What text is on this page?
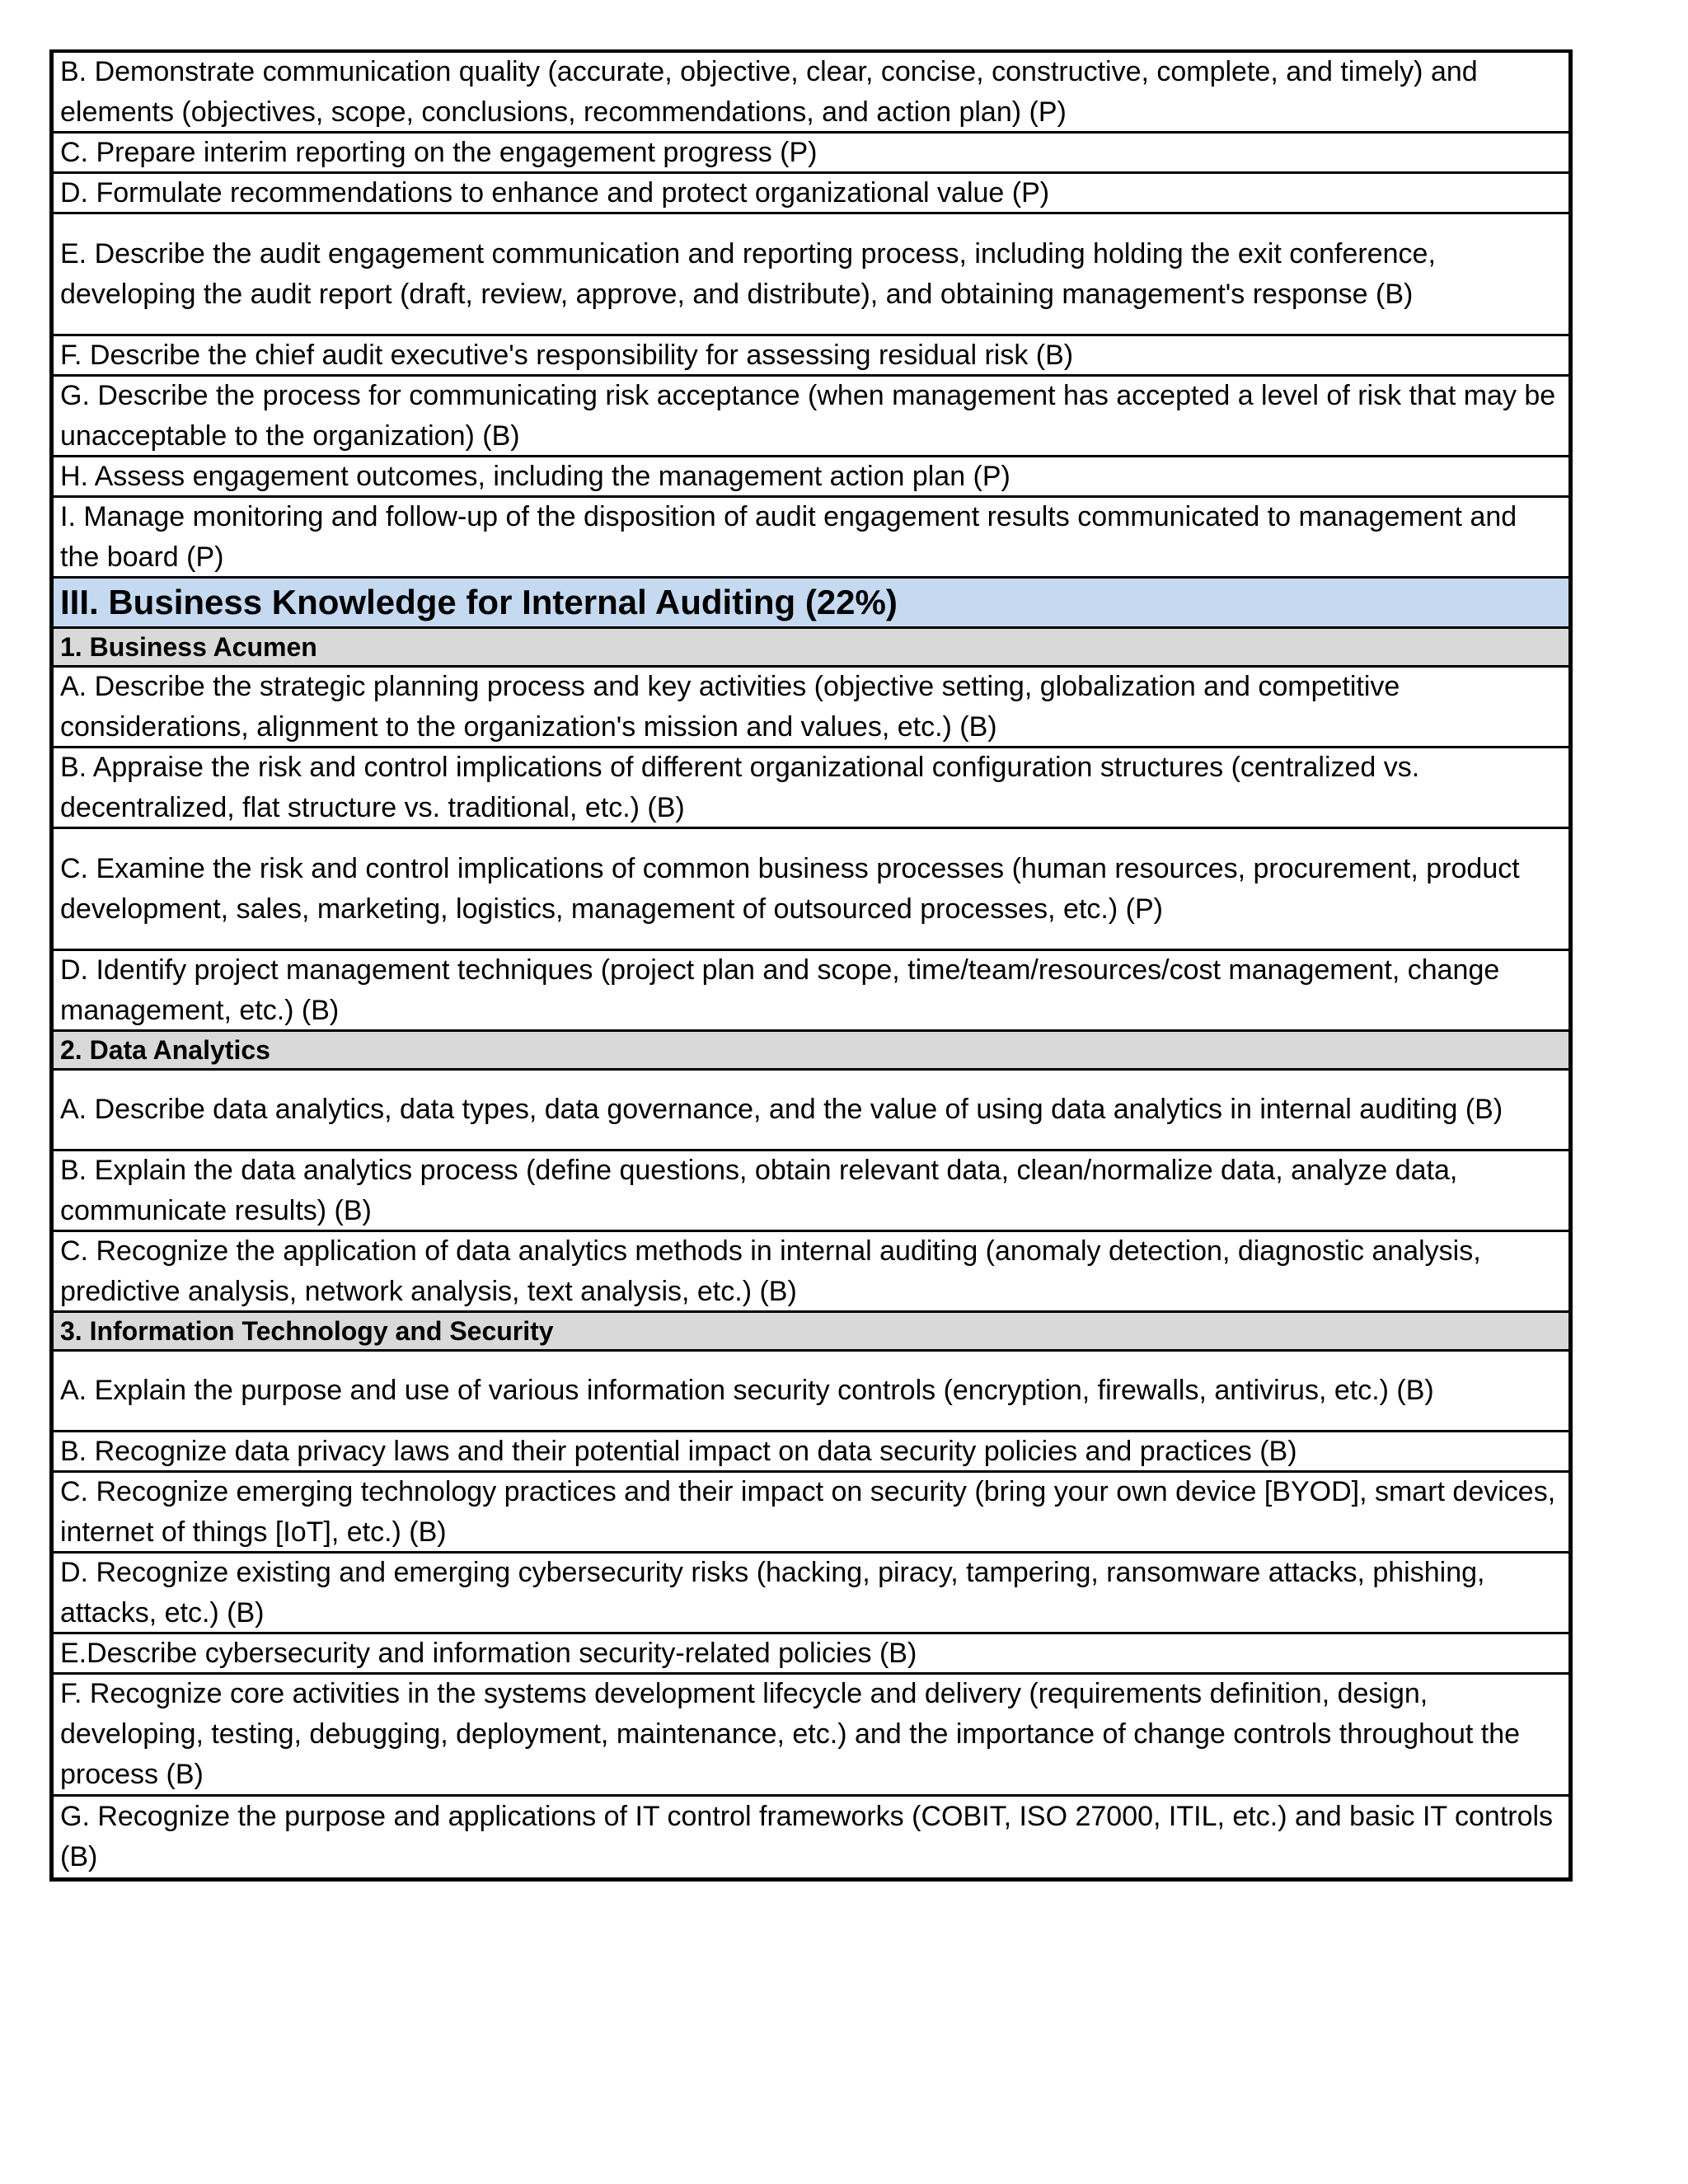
B. Demonstrate communication quality (accurate, objective, clear, concise, constructive, complete, and timely) and elements (objectives, scope, conclusions, recommendations, and action plan) (P)
C. Prepare interim reporting on the engagement progress (P)
D. Formulate recommendations to enhance and protect organizational value (P)
E. Describe the audit engagement communication and reporting process, including holding the exit conference, developing the audit report (draft, review, approve, and distribute), and obtaining management's response (B)
F. Describe the chief audit executive's responsibility for assessing residual risk (B)
G. Describe the process for communicating risk acceptance (when management has accepted a level of risk that may be unacceptable to the organization) (B)
H. Assess engagement outcomes, including the management action plan (P)
I. Manage monitoring and follow-up of the disposition of audit engagement results communicated to management and the board (P)
III. Business Knowledge for Internal Auditing (22%)
1. Business Acumen
A. Describe the strategic planning process and key activities (objective setting, globalization and competitive considerations, alignment to the organization's mission and values, etc.) (B)
B. Appraise the risk and control implications of different organizational configuration structures (centralized vs. decentralized, flat structure vs. traditional, etc.) (B)
C. Examine the risk and control implications of common business processes (human resources, procurement, product development, sales, marketing, logistics, management of outsourced processes, etc.) (P)
D. Identify project management techniques (project plan and scope, time/team/resources/cost management, change management, etc.) (B)
2. Data Analytics
A. Describe data analytics, data types, data governance, and the value of using data analytics in internal auditing (B)
B. Explain the data analytics process (define questions, obtain relevant data, clean/normalize data, analyze data, communicate results) (B)
C. Recognize the application of data analytics methods in internal auditing (anomaly detection, diagnostic analysis, predictive analysis, network analysis, text analysis, etc.) (B)
3. Information Technology and Security
A. Explain the purpose and use of various information security controls (encryption, firewalls, antivirus, etc.) (B)
B. Recognize data privacy laws and their potential impact on data security policies and practices (B)
C. Recognize emerging technology practices and their impact on security (bring your own device [BYOD], smart devices, internet of things [IoT], etc.) (B)
D. Recognize existing and emerging cybersecurity risks (hacking, piracy, tampering, ransomware attacks, phishing, attacks, etc.) (B)
E.Describe cybersecurity and information security-related policies (B)
F. Recognize core activities in the systems development lifecycle and delivery (requirements definition, design, developing, testing, debugging, deployment, maintenance, etc.) and the importance of change controls throughout the process (B)
G. Recognize the purpose and applications of IT control frameworks (COBIT, ISO 27000, ITIL, etc.) and basic IT controls (B)
